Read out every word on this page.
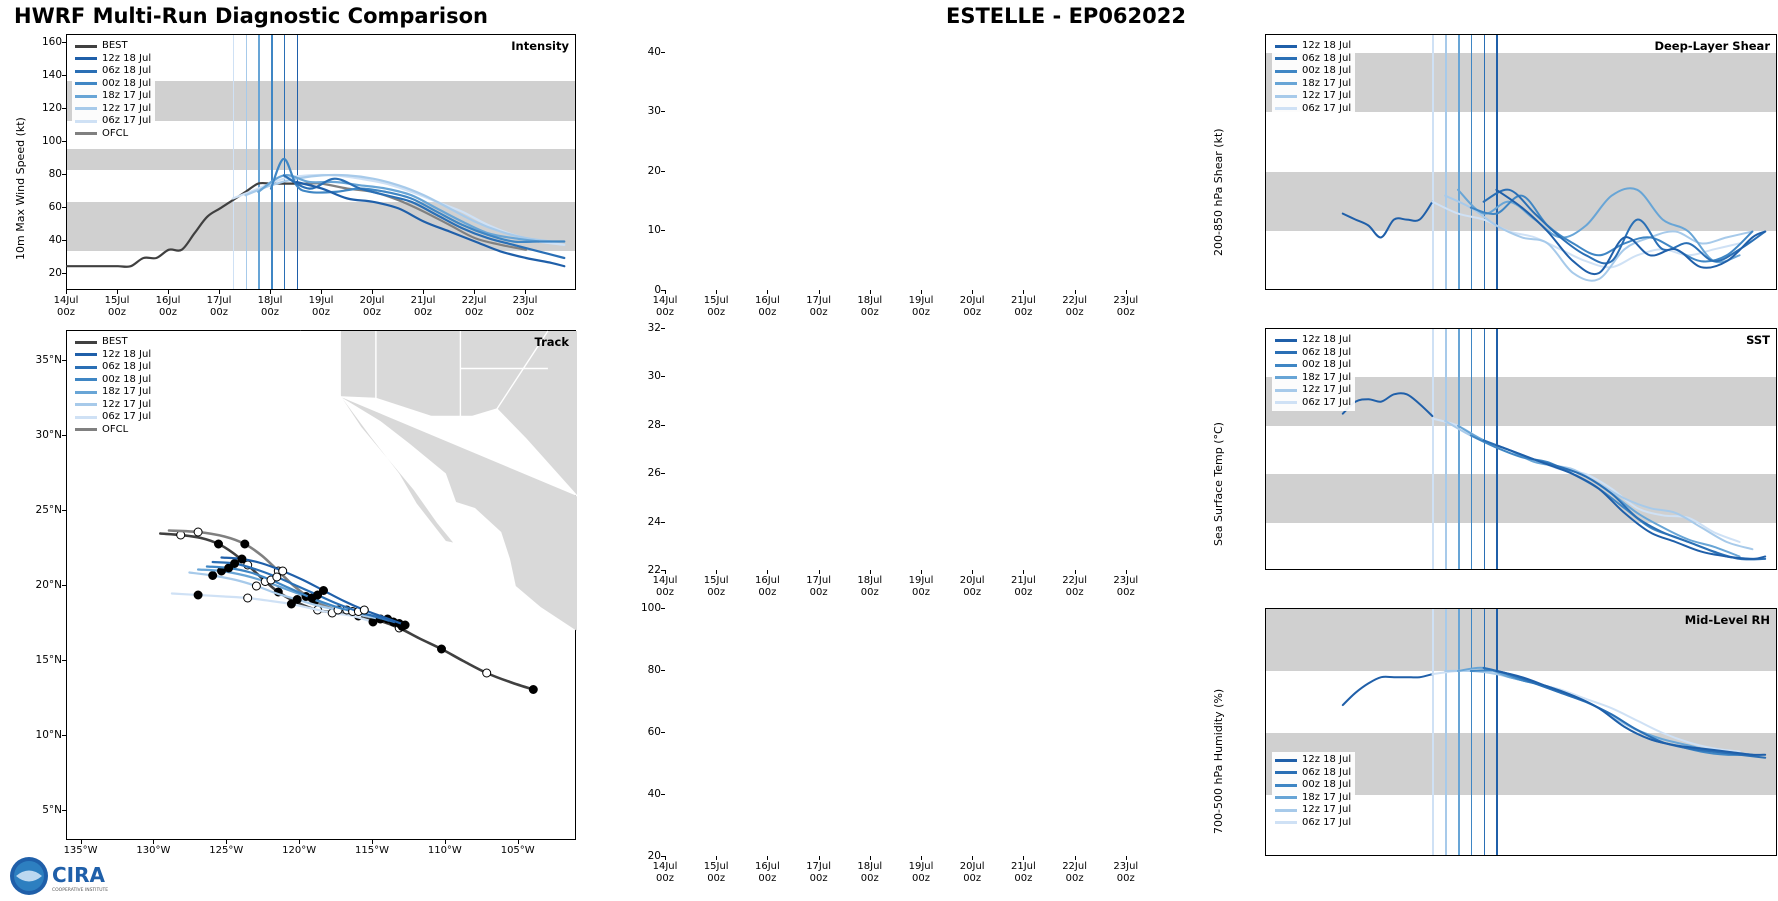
HWRF Multi-Run Diagnostic Comparison	ESTELLE - EP062022
10m Max Wind Speed (kt)
20
40
60
80
100
120
140
160	Intensity
14Jul
00z
15Jul
00z
16Jul
00z
17Jul
00z
18Jul
00z
19Jul
00z
20Jul
00z
21Jul
00z
22Jul
00z
23Jul
00z
BEST
12z 18 Jul
06z 18 Jul
00z 18 Jul
18z 17 Jul
12z 17 Jul
06z 17 Jul
OFCL
5°N
10°N
15°N
20°N
25°N
30°N
35°N
Track
135°W	130°W	125°W	120°W	115°W	110°W	105°W
BEST
12z 18 Jul
06z 18 Jul
00z 18 Jul
18z 17 Jul
12z 17 Jul
06z 17 Jul
OFCL
200-850 hPa Shear (kt)
0
10
20
30
40	Deep-Layer Shear
14Jul
00z
15Jul
00z
16Jul
00z
17Jul
00z
18Jul
00z
19Jul
00z
20Jul
00z
21Jul
00z
22Jul
00z
23Jul
00z
12z 18 Jul
06z 18 Jul
00z 18 Jul
18z 17 Jul
12z 17 Jul
06z 17 Jul
Sea Surface Temp (°C)
22
24
26
28
30
32
SST
14Jul
00z
15Jul
00z
16Jul
00z
17Jul
00z
18Jul
00z
19Jul
00z
20Jul
00z
21Jul
00z
22Jul
00z
23Jul
00z
12z 18 Jul
06z 18 Jul
00z 18 Jul
18z 17 Jul
12z 17 Jul
06z 17 Jul
700-500 hPa Humidity (%)
20
40
60
80
100
Mid-Level RH
14Jul
00z
15Jul
00z
16Jul
00z
17Jul
00z
18Jul
00z
19Jul
00z
20Jul
00z
21Jul
00z
22Jul
00z
23Jul
00z
12z 18 Jul
06z 18 Jul
00z 18 Jul
18z 17 Jul
12z 17 Jul
06z 17 Jul
CIRA
COOPERATIVE INSTITUTE
